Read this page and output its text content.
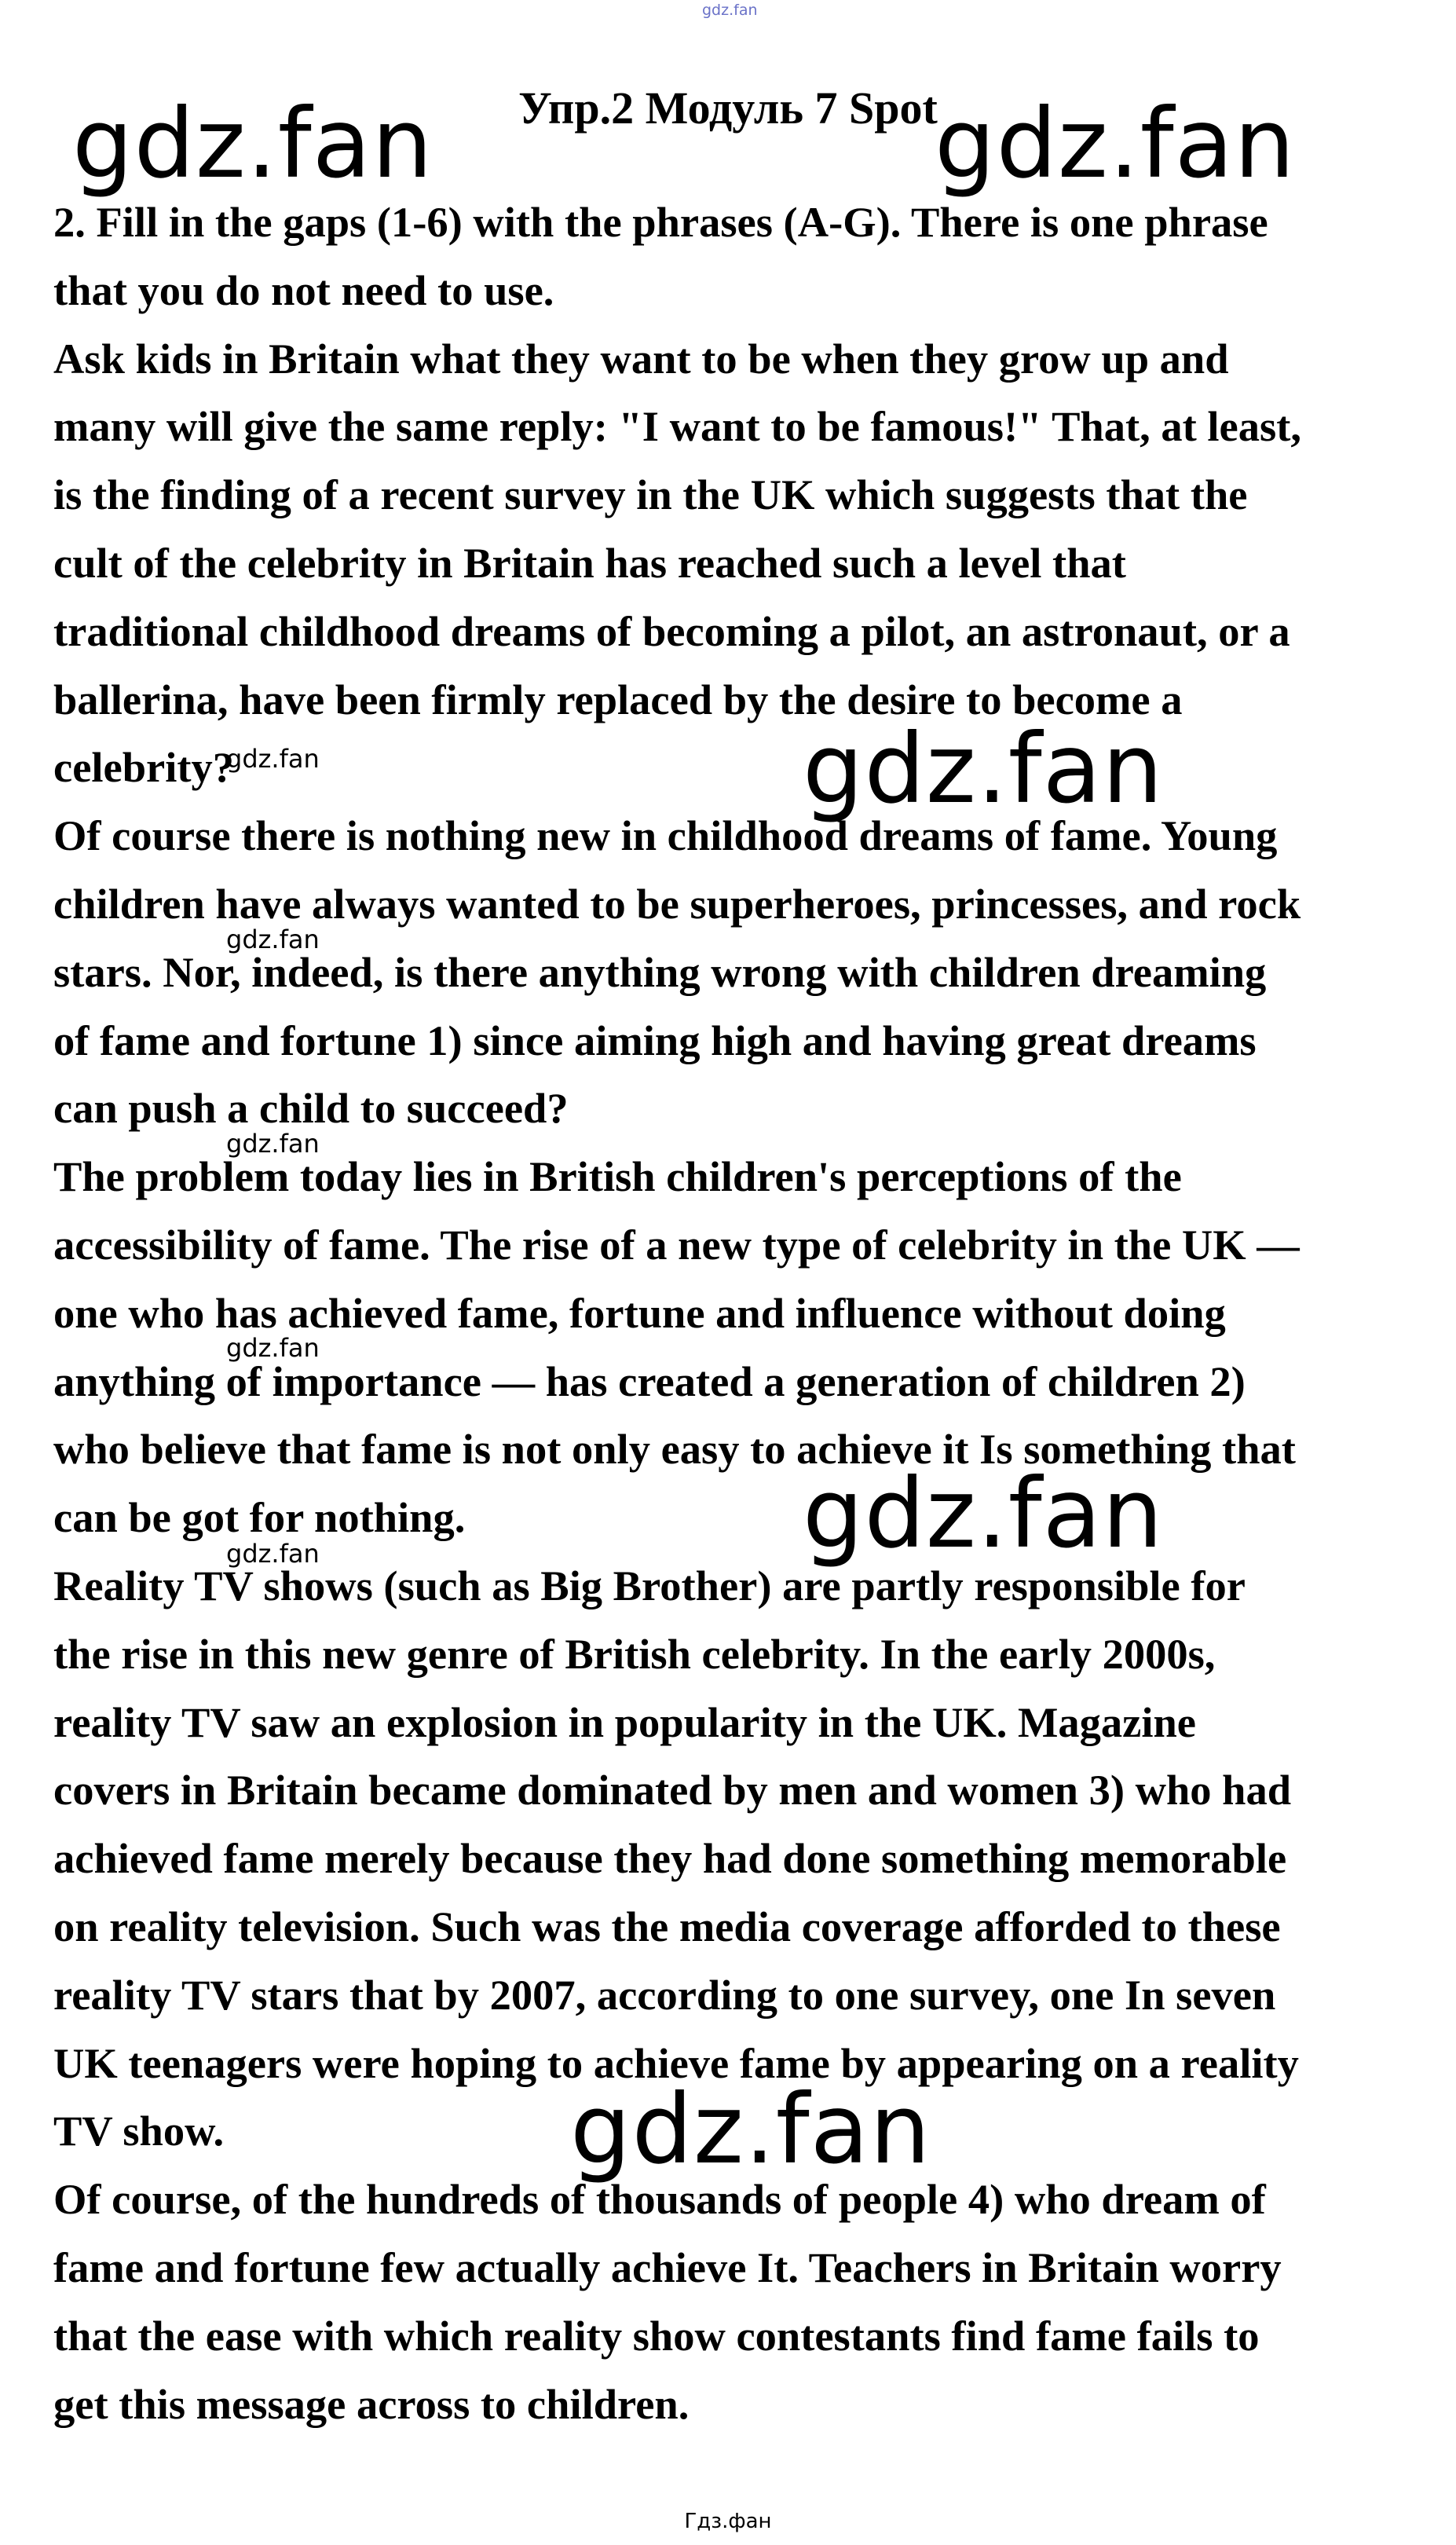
gdz.fan
Упр.2 Модуль 7 Spot
gdz.fan	gdz.fan
gdz.fan
gdz.fan
gdz.fan
gdz.fan
gdz.fan
gdz.fan
gdz.fan
gdz.fan
2. Fill in the gaps (1-6) with the phrases (A-G). There is one phrase
that you do not need to use.
Ask kids in Britain what they want to be when they grow up and
many will give the same reply: "I want to be famous!" That, at least,
is the finding of a recent survey in the UK which suggests that the
cult of the celebrity in Britain has reached such a level that
traditional childhood dreams of becoming a pilot, an astronaut, or a
ballerina, have been firmly replaced by the desire to become a
celebrity?
Of course there is nothing new in childhood dreams of fame. Young
children have always wanted to be superheroes, princesses, and rock
stars. Nor, indeed, is there anything wrong with children dreaming
of fame and fortune 1) since aiming high and having great dreams
can push a child to succeed?
The problem today lies in British children's perceptions of the
accessibility of fame. The rise of a new type of celebrity in the UK —
one who has achieved fame, fortune and influence without doing
anything of importance — has created a generation of children 2)
who believe that fame is not only easy to achieve it Is something that
can be got for nothing.
Reality TV shows (such as Big Brother) are partly responsible for
the rise in this new genre of British celebrity. In the early 2000s,
reality TV saw an explosion in popularity in the UK. Magazine
covers in Britain became dominated by men and women 3) who had
achieved fame merely because they had done something memorable
on reality television. Such was the media coverage afforded to these
reality TV stars that by 2007, according to one survey, one In seven
UK teenagers were hoping to achieve fame by appearing on a reality
TV show.
Of course, of the hundreds of thousands of people 4) who dream of
fame and fortune few actually achieve It. Teachers in Britain worry
that the ease with which reality show contestants find fame fails to
get this message across to children.
Гдз.фан
